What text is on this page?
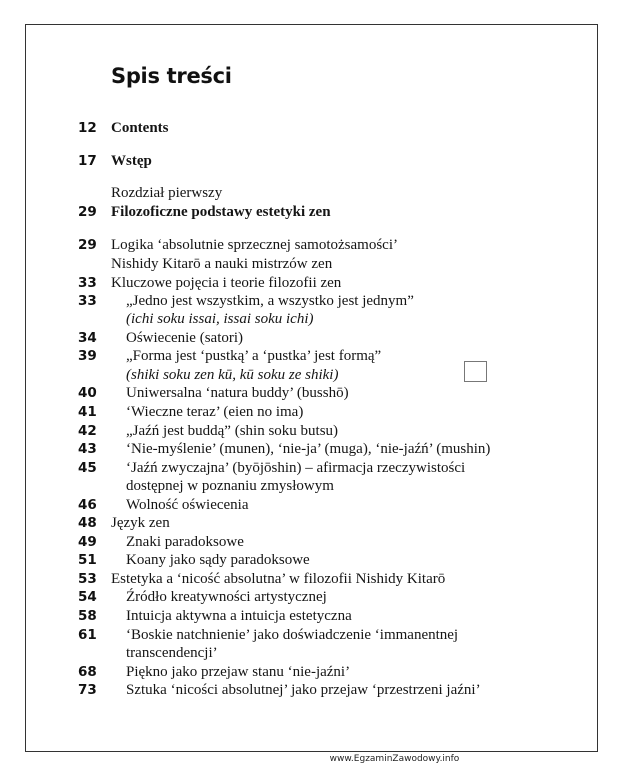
Spis treści
12 Contents
17 Wstęp
Rozdział pierwszy
29 Filozoficzne podstawy estetyki zen
29 Logika ‘absolutnie sprzecznej samotożsamości’
Nishidy Kitarō a nauki mistrzów zen
33 Kluczowe pojęcia i teorie filozofii zen
33	„Jedno jest wszystkim, a wszystko jest jednym”
(ichi soku issai, issai soku ichi)
34	Oświecenie (satori)
39	„Forma jest ‘pustką’ a ‘pustka’ jest formą”
(shiki soku zen kū, kū soku ze shiki)
40	Uniwersalna ‘natura buddy’ (busshō)
41	‘Wieczne teraz’ (eien no ima)
42	„Jaźń jest buddą” (shin soku butsu)
43	‘Nie-myślenie’ (munen), ‘nie-ja’ (muga), ‘nie-jaźń’ (mushin)
45	‘Jaźń zwyczajna’ (byōjōshin) – afirmacja rzeczywistości
dostępnej w poznaniu zmysłowym
46	Wolność oświecenia
48 Język zen
49	Znaki paradoksowe
51	Koany jako sądy paradoksowe
53 Estetyka a ‘nicość absolutna’ w filozofii Nishidy Kitarō
54	Źródło kreatywności artystycznej
58	Intuicja aktywna a intuicja estetyczna
61	‘Boskie natchnienie’ jako doświadczenie ‘immanentnej
transcendencji’
68	Piękno jako przejaw stanu ‘nie-jaźni’
73	Sztuka ‘nicości absolutnej’ jako przejaw ‘przestrzeni jaźni’
www.EgzaminZawodowy.info
